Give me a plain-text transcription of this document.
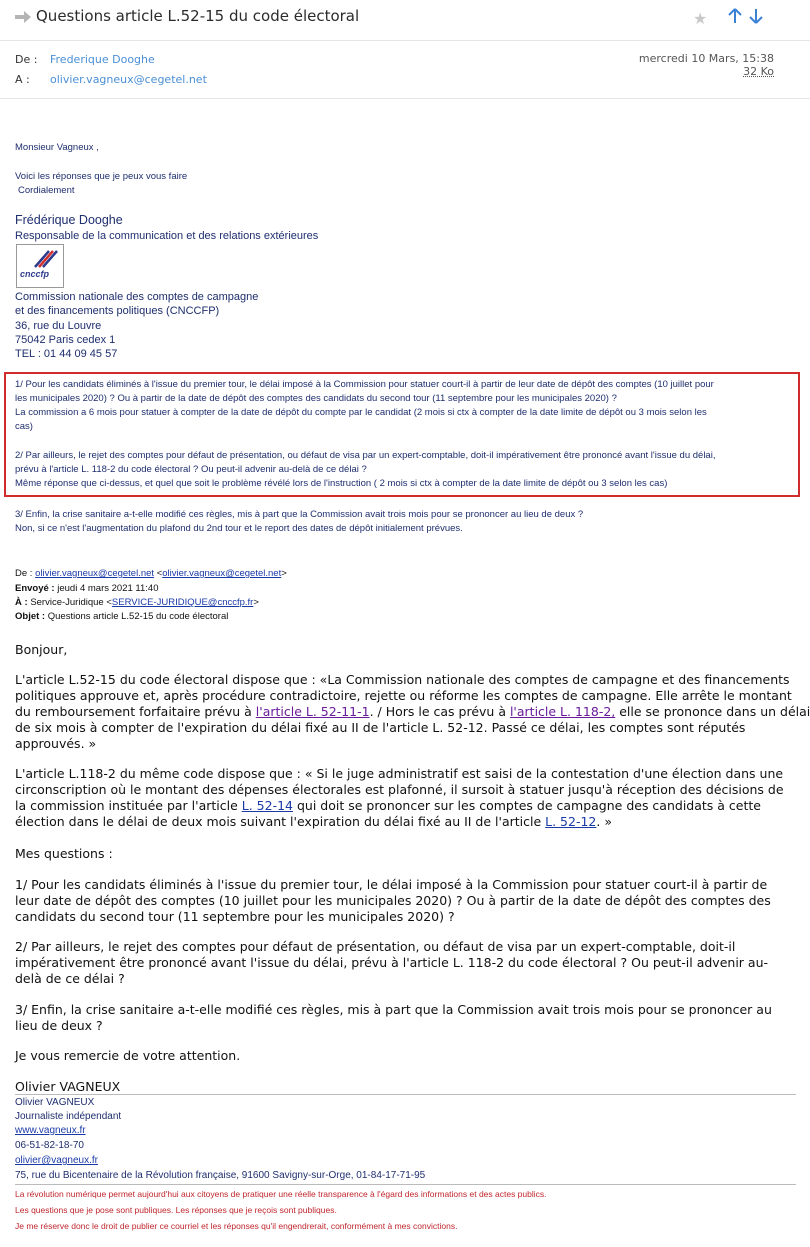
Questions article L.52-15 du code électoral	★
De : Frederique Dooghe
A : olivier.vagneux@cegetel.net
mercredi 10 Mars, 15:38
32 Ko
Monsieur Vagneux ,
Voici les réponses que je peux vous faire
Cordialement
Frédérique Dooghe
Responsable de la communication et des relations extérieures
cnccfp
Commission nationale des comptes de campagne
et des financements politiques (CNCCFP)
36, rue du Louvre
75042 Paris cedex 1
TEL : 01 44 09 45 57
1/ Pour les candidats éliminés à l'issue du premier tour, le délai imposé à la Commission pour statuer court-il à partir de leur date de dépôt des comptes (10 juillet pour
les municipales 2020) ? Ou à partir de la date de dépôt des comptes des candidats du second tour (11 septembre pour les municipales 2020) ?
La commission a 6 mois pour statuer à compter de la date de dépôt du compte par le candidat (2 mois si ctx à compter de la date limite de dépôt ou 3 mois selon les
cas)
2/ Par ailleurs, le rejet des comptes pour défaut de présentation, ou défaut de visa par un expert-comptable, doit-il impérativement être prononcé avant l'issue du délai,
prévu à l'article L. 118-2 du code électoral ? Ou peut-il advenir au-delà de ce délai ?
Même réponse que ci-dessus, et quel que soit le problème révélé lors de l'instruction ( 2 mois si ctx à compter de la date limite de dépôt ou 3 selon les cas)
3/ Enfin, la crise sanitaire a-t-elle modifié ces règles, mis à part que la Commission avait trois mois pour se prononcer au lieu de deux ?
Non, si ce n'est l'augmentation du plafond du 2nd tour et le report des dates de dépôt initialement prévues.
De : olivier.vagneux@cegetel.net <olivier.vagneux@cegetel.net>
Envoyé : jeudi 4 mars 2021 11:40
À : Service-Juridique <SERVICE-JURIDIQUE@cnccfp.fr>
Objet : Questions article L.52-15 du code électoral
Bonjour,
L'article L.52-15 du code électoral dispose que : «La Commission nationale des comptes de campagne et des financements
politiques approuve et, après procédure contradictoire, rejette ou réforme les comptes de campagne. Elle arrête le montant
du remboursement forfaitaire prévu à l'article L. 52-11-1. / Hors le cas prévu à l'article L. 118-2, elle se prononce dans un délai
de six mois à compter de l'expiration du délai fixé au II de l'article L. 52-12. Passé ce délai, les comptes sont réputés
approuvés. »
L'article L.118-2 du même code dispose que : « Si le juge administratif est saisi de la contestation d'une élection dans une
circonscription où le montant des dépenses électorales est plafonné, il sursoit à statuer jusqu'à réception des décisions de
la commission instituée par l'article L. 52-14 qui doit se prononcer sur les comptes de campagne des candidats à cette
élection dans le délai de deux mois suivant l'expiration du délai fixé au II de l'article L. 52-12. »
Mes questions :
1/ Pour les candidats éliminés à l'issue du premier tour, le délai imposé à la Commission pour statuer court-il à partir de
leur date de dépôt des comptes (10 juillet pour les municipales 2020) ? Ou à partir de la date de dépôt des comptes des
candidats du second tour (11 septembre pour les municipales 2020) ?
2/ Par ailleurs, le rejet des comptes pour défaut de présentation, ou défaut de visa par un expert-comptable, doit-il
impérativement être prononcé avant l'issue du délai, prévu à l'article L. 118-2 du code électoral ? Ou peut-il advenir au-
delà de ce délai ?
3/ Enfin, la crise sanitaire a-t-elle modifié ces règles, mis à part que la Commission avait trois mois pour se prononcer au
lieu de deux ?
Je vous remercie de votre attention.
Olivier VAGNEUX
Olivier VAGNEUX
Journaliste indépendant
www.vagneux.fr
06-51-82-18-70
olivier@vagneux.fr
75, rue du Bicentenaire de la Révolution française, 91600 Savigny-sur-Orge, 01-84-17-71-95
La révolution numérique permet aujourd'hui aux citoyens de pratiquer une réelle transparence à l'égard des informations et des actes publics.
Les questions que je pose sont publiques. Les réponses que je reçois sont publiques.
Je me réserve donc le droit de publier ce courriel et les réponses qu'il engendrerait, conformément à mes convictions.
